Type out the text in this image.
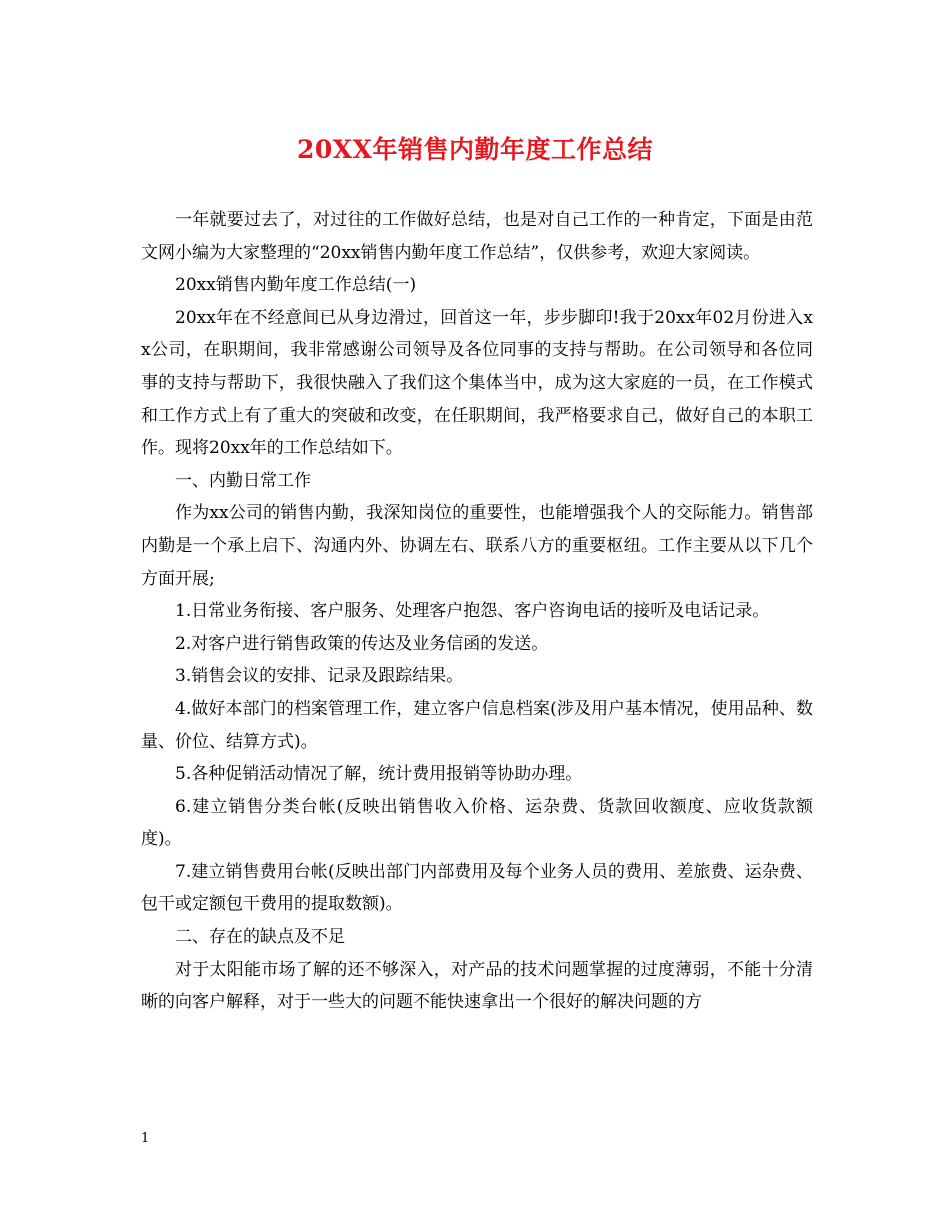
20XX年销售内勤年度工作总结

一年就要过去了，对过往的工作做好总结，也是对自己工作的一种肯定，下面是由范文网小编为大家整理的“20xx销售内勤年度工作总结”，仅供参考，欢迎大家阅读。

20xx销售内勤年度工作总结(一)

20xx年在不经意间已从身边滑过，回首这一年，步步脚印!我于20xx年02月份进入xx公司，在职期间，我非常感谢公司领导及各位同事的支持与帮助。在公司领导和各位同事的支持与帮助下，我很快融入了我们这个集体当中，成为这大家庭的一员，在工作模式和工作方式上有了重大的突破和改变，在任职期间，我严格要求自己，做好自己的本职工作。现将20xx年的工作总结如下。

一、内勤日常工作

作为xx公司的销售内勤，我深知岗位的重要性，也能增强我个人的交际能力。销售部内勤是一个承上启下、沟通内外、协调左右、联系八方的重要枢纽。工作主要从以下几个方面开展;

1.日常业务衔接、客户服务、处理客户抱怨、客户咨询电话的接听及电话记录。

2.对客户进行销售政策的传达及业务信函的发送。

3.销售会议的安排、记录及跟踪结果。

4.做好本部门的档案管理工作，建立客户信息档案(涉及用户基本情况，使用品种、数量、价位、结算方式)。

5.各种促销活动情况了解，统计费用报销等协助办理。

6.建立销售分类台帐(反映出销售收入价格、运杂费、货款回收额度、应收货款额度)。

7.建立销售费用台帐(反映出部门内部费用及每个业务人员的费用、差旅费、运杂费、包干或定额包干费用的提取数额)。

二、存在的缺点及不足

对于太阳能市场了解的还不够深入，对产品的技术问题掌握的过度薄弱，不能十分清晰的向客户解释，对于一些大的问题不能快速拿出一个很好的解决问题的方

1
